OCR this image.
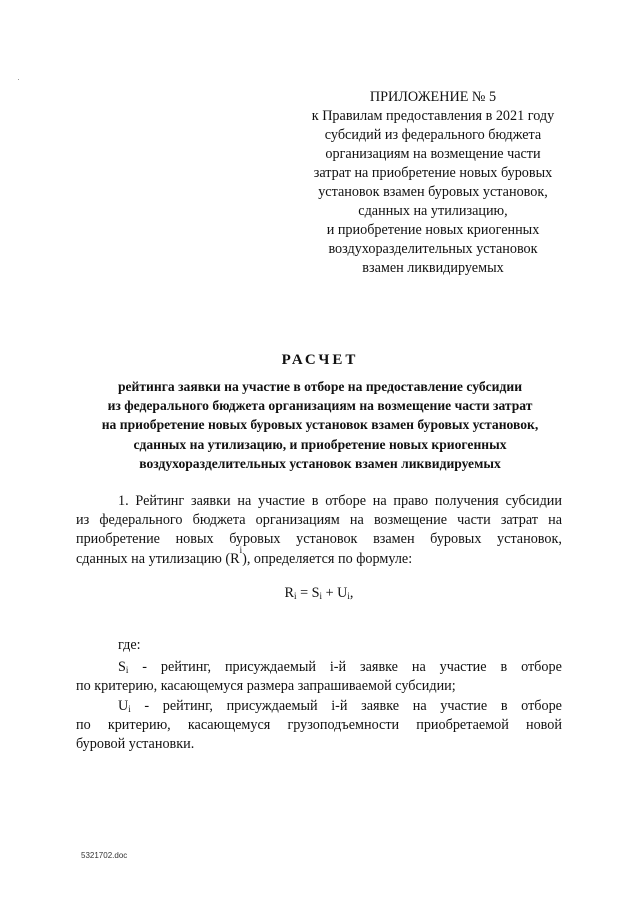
ПРИЛОЖЕНИЕ № 5
к Правилам предоставления в 2021 году
субсидий из федерального бюджета
организациям на возмещение части
затрат на приобретение новых буровых
установок взамен буровых установок,
сданных на утилизацию,
и приобретение новых криогенных
воздухоразделительных установок
взамен ликвидируемых
РАСЧЕТ
рейтинга заявки на участие в отборе на предоставление субсидии
из федерального бюджета организациям на возмещение части затрат
на приобретение новых буровых установок взамен буровых установок,
сданных на утилизацию, и приобретение новых криогенных
воздухоразделительных установок взамен ликвидируемых
1. Рейтинг заявки на участие в отборе на право получения субсидии
из федерального бюджета организациям на возмещение части затрат на
приобретение новых буровых установок взамен буровых установок,
сданных на утилизацию (R
i
), определяется по формуле:
$R_i = S_i + U_i$,
где:
$S_i$ - рейтинг, присуждаемый i-й заявке на участие в отборе
по критерию, касающемуся размера запрашиваемой субсидии;
$U_i$ - рейтинг, присуждаемый i-й заявке на участие в отборе
по критерию, касающемуся грузоподъемности приобретаемой новой
буровой установки.
5321702.doc
